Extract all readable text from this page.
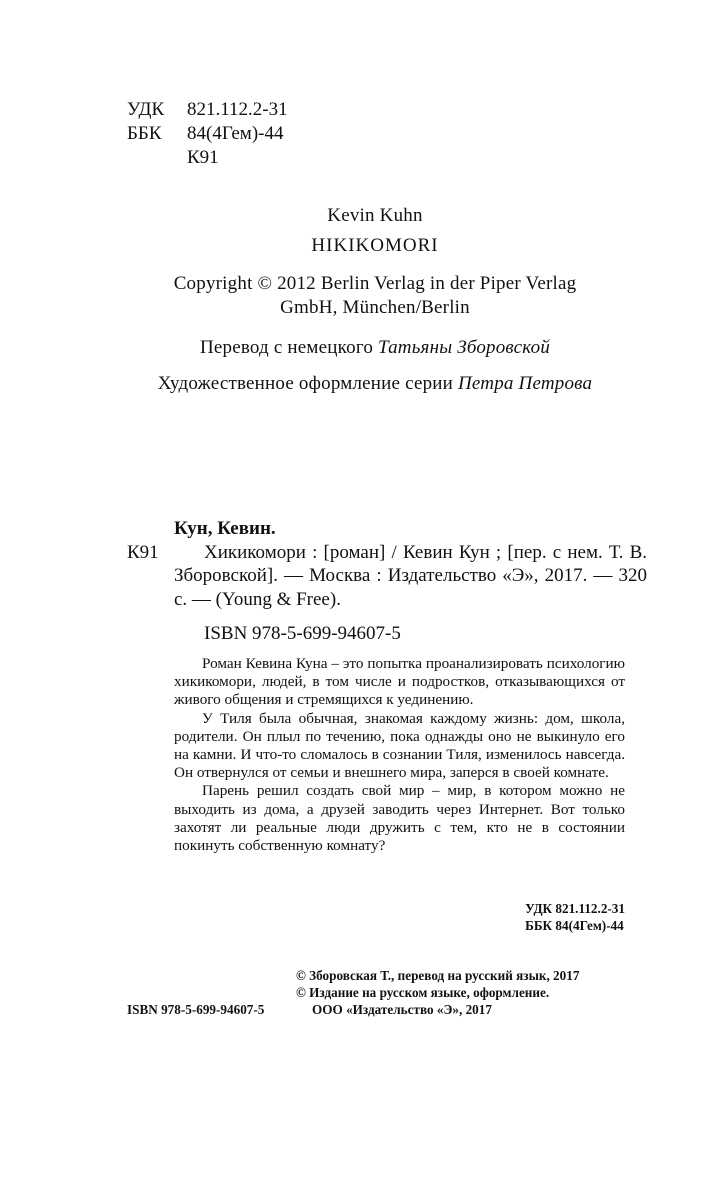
УДК 821.112.2-31
ББК 84(4Гем)-44
К91
Kevin Kuhn
HIKIKOMORI
Copyright © 2012 Berlin Verlag in der Piper Verlag
GmbH, München/Berlin
Перевод с немецкого Татьяны Зборовской
Художественное оформление серии Петра Петрова
Кун, Кевин.
К91	Хикикомори : [роман] / Кевин Кун ; [пер. с нем. Т. В. Зборовской]. — Москва : Издательство «Э», 2017. — 320 с. — (Young & Free).
ISBN 978-5-699-94607-5

Роман Кевина Куна – это попытка проанализировать психологию хикикомори, людей, в том числе и подростков, отказывающихся от живого общения и стремящихся к уединению.

У Тиля была обычная, знакомая каждому жизнь: дом, школа, родители. Он плыл по течению, пока однажды оно не выкинуло его на камни. И что-то сломалось в сознании Тиля, изменилось навсегда. Он отвернулся от семьи и внешнего мира, заперся в своей комнате.

Парень решил создать свой мир – мир, в котором можно не выходить из дома, а друзей заводить через Интернет. Вот только захотят ли реальные люди дружить с тем, кто не в состоянии покинуть собственную комнату?

УДК 821.112.2-31
ББК 84(4Гем)-44
© Зборовская Т., перевод на русский язык, 2017
© Издание на русском языке, оформление.
ООО «Издательство «Э», 2017
ISBN 978-5-699-94607-5
